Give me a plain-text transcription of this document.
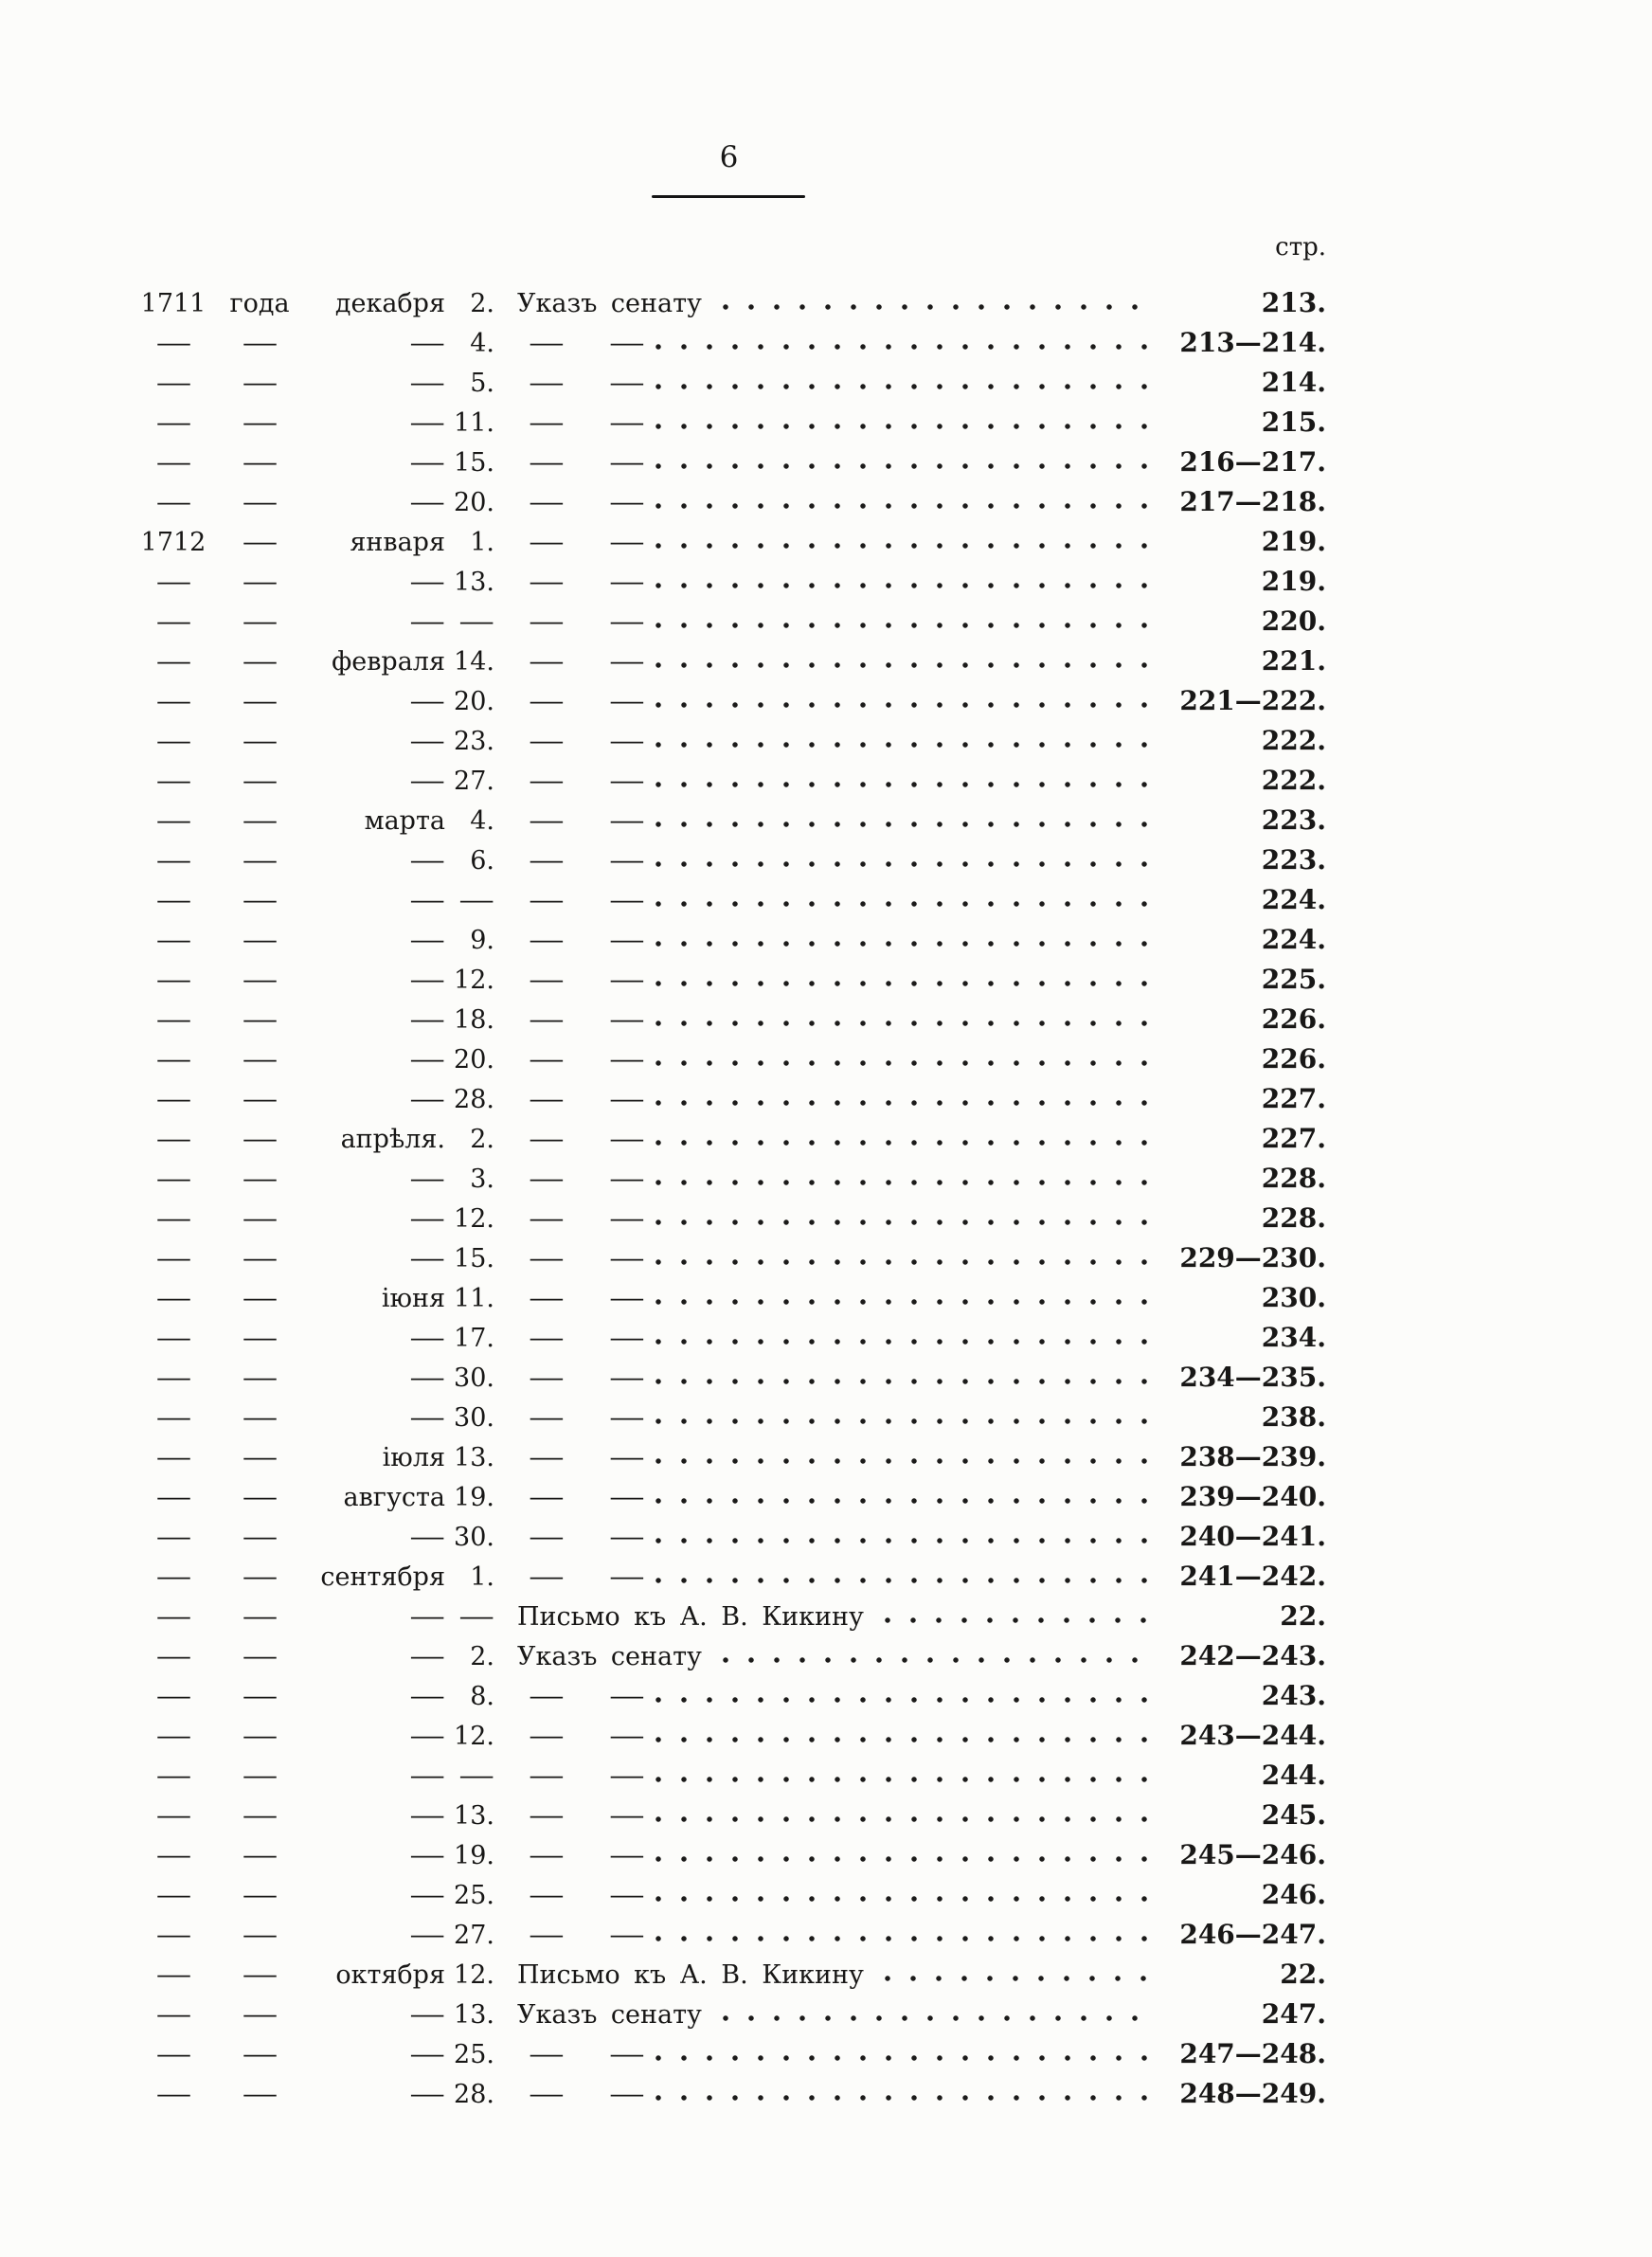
6
стр.
1711 года	декабря 2. Указъ сенату	213.
—	—	— 4.	— —	213—214.
—	—	— 5.	— —	214.
—	—	— 11.	— —	215.
—	—	— 15.	— —	216—217.
—	—	— 20.	— —	217—218.
1712	—	января 1.	— —	219.
—	—	— 13.	— —	219.
—	—	— —	— —	220.
—	—	февраля 14.	— —	221.
—	—	— 20.	— —	221—222.
—	—	— 23.	— —	222.
—	—	— 27.	— —	222.
—	—	марта 4.	— —	223.
—	—	— 6.	— —	223.
—	—	— —	— —	224.
—	—	— 9.	— —	224.
—	—	— 12.	— —	225.
—	—	— 18.	— —	226.
—	—	— 20.	— —	226.
—	—	— 28.	— —	227.
—	—	апрѣля. 2.	— —	227.
—	—	— 3.	— —	228.
—	—	— 12.	— —	228.
—	—	— 15.	— —	229—230.
—	—	іюня 11.	— —	230.
—	—	— 17.	— —	234.
—	—	— 30.	— —	234—235.
—	—	— 30.	— —	238.
—	—	іюля 13.	— —	238—239.
—	—	августа 19.	— —	239—240.
—	—	— 30.	— —	240—241.
—	—	сентября 1.	— —	241—242.
—	—	— — Письмо къ А. В. Кикину	22.
—	—	— 2. Указъ сенату	242—243.
—	—	— 8.	— —	243.
—	—	— 12.	— —	243—244.
—	—	— —	— —	244.
—	—	— 13.	— —	245.
—	—	— 19.	— —	245—246.
—	—	— 25.	— —	246.
—	—	— 27.	— —	246—247.
—	—	октября 12. Письмо къ А. В. Кикину	22.
—	—	— 13. Указъ сенату	247.
—	—	— 25.	— —	247—248.
—	—	— 28.	— —	248—249.
